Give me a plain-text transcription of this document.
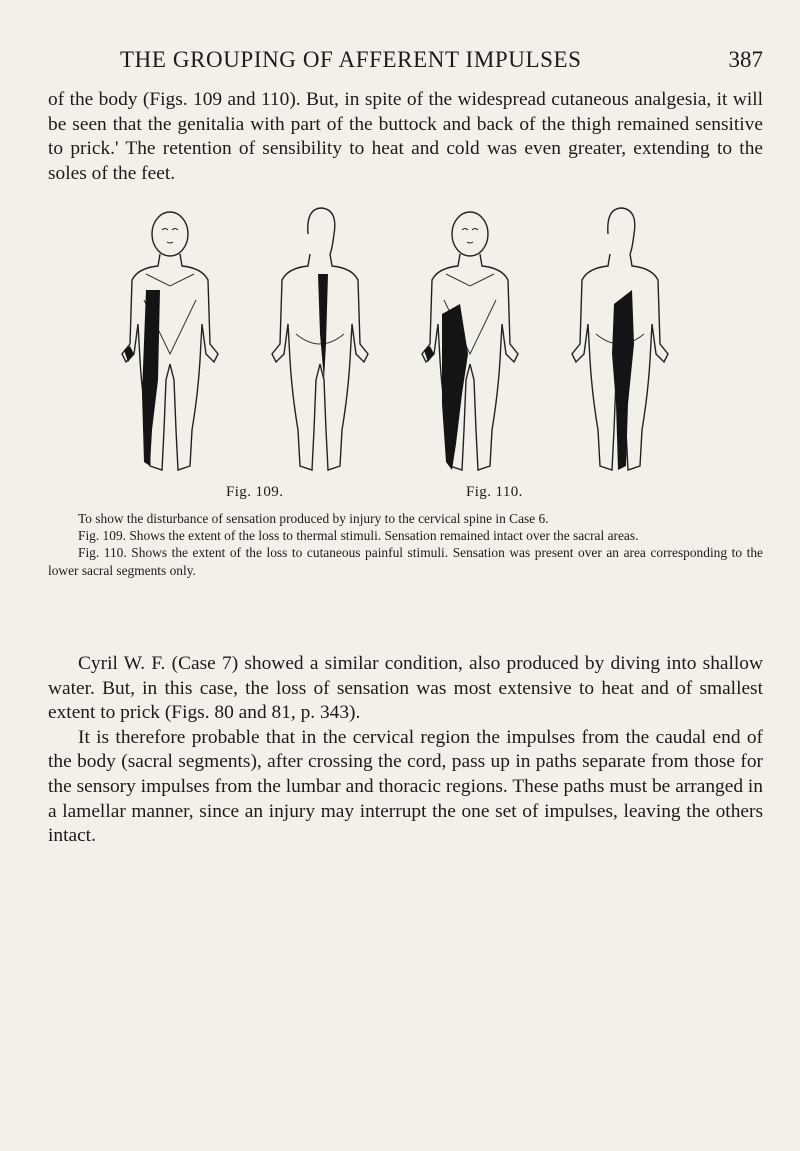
THE GROUPING OF AFFERENT IMPULSES	387

of the body (Figs. 109 and 110). But, in spite of the widespread cutaneous analgesia, it will be seen that the genitalia with part of the buttock and back of the thigh remained sensitive to prick.' The retention of sensibility to heat and cold was even greater, extending to the soles of the feet.

Fig. 109.	Fig. 110.

To show the disturbance of sensation produced by injury to the cervical spine in Case 6.

Fig. 109. Shows the extent of the loss to thermal stimuli. Sensation remained intact over the sacral areas.

Fig. 110. Shows the extent of the loss to cutaneous painful stimuli. Sensation was present over an area corresponding to the lower sacral segments only.

Cyril W. F. (Case 7) showed a similar condition, also produced by diving into shallow water. But, in this case, the loss of sensation was most extensive to heat and of smallest extent to prick (Figs. 80 and 81, p. 343).

It is therefore probable that in the cervical region the impulses from the caudal end of the body (sacral segments), after crossing the cord, pass up in paths separate from those for the sensory impulses from the lumbar and thoracic regions. These paths must be arranged in a lamellar manner, since an injury may interrupt the one set of impulses, leaving the others intact.
